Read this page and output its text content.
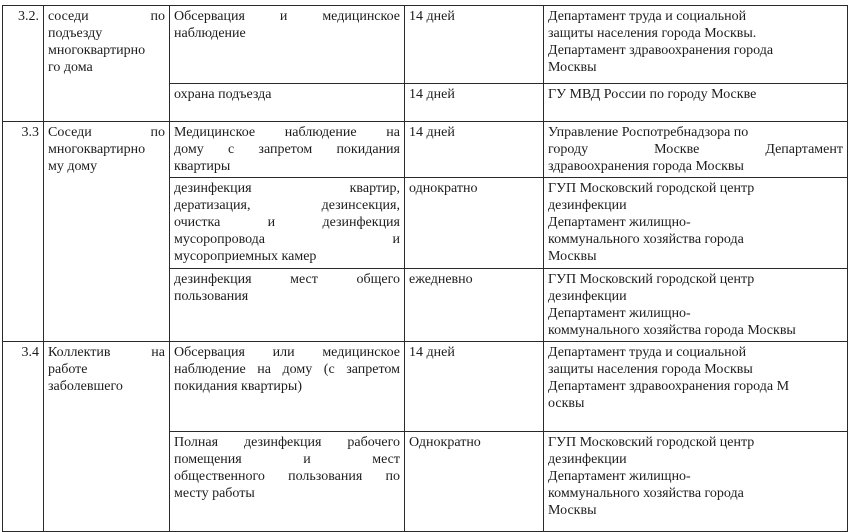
3.2.	соседи по
подъезду
многоквартирно
го дома	Обсервация и медицинское
наблюдение	14 дней	Департамент труда и социальной
защиты населения города Москвы.
Департамент здравоохранения города
Москвы

		охрана подъезда	14 дней	ГУ МВД России по городу Москве

3.3	Соседи по
многоквартирно
му дому	Медицинское наблюдение на
дому с запретом покидания
квартиры	14 дней	Управление Роспотребнадзора по
городу Москве Департамент
здравоохранения города Москвы

		дезинфекция квартир,
дератизация, дезинсекция,
очистка и дезинфекция
мусоропровода и
мусороприемных камер	однократно	ГУП Московский городской центр
дезинфекции
Департамент жилищно-
коммунального хозяйства города
Москвы

		дезинфекция мест общего
пользования	ежедневно	ГУП Московский городской центр
дезинфекции
Департамент жилищно-
коммунального хозяйства города Москвы

3.4	Коллектив на
работе
заболевшего	Обсервация или медицинское
наблюдение на дому (с запретом
покидания квартиры)	14 дней	Департамент труда и социальной
защиты населения города Москвы
Департамент здравоохранения города М
осквы

		Полная дезинфекция рабочего
помещения и мест
общественного пользования по
месту работы	Однократно	ГУП Московский городской центр
дезинфекции
Департамент жилищно-
коммунального хозяйства города
Москвы
